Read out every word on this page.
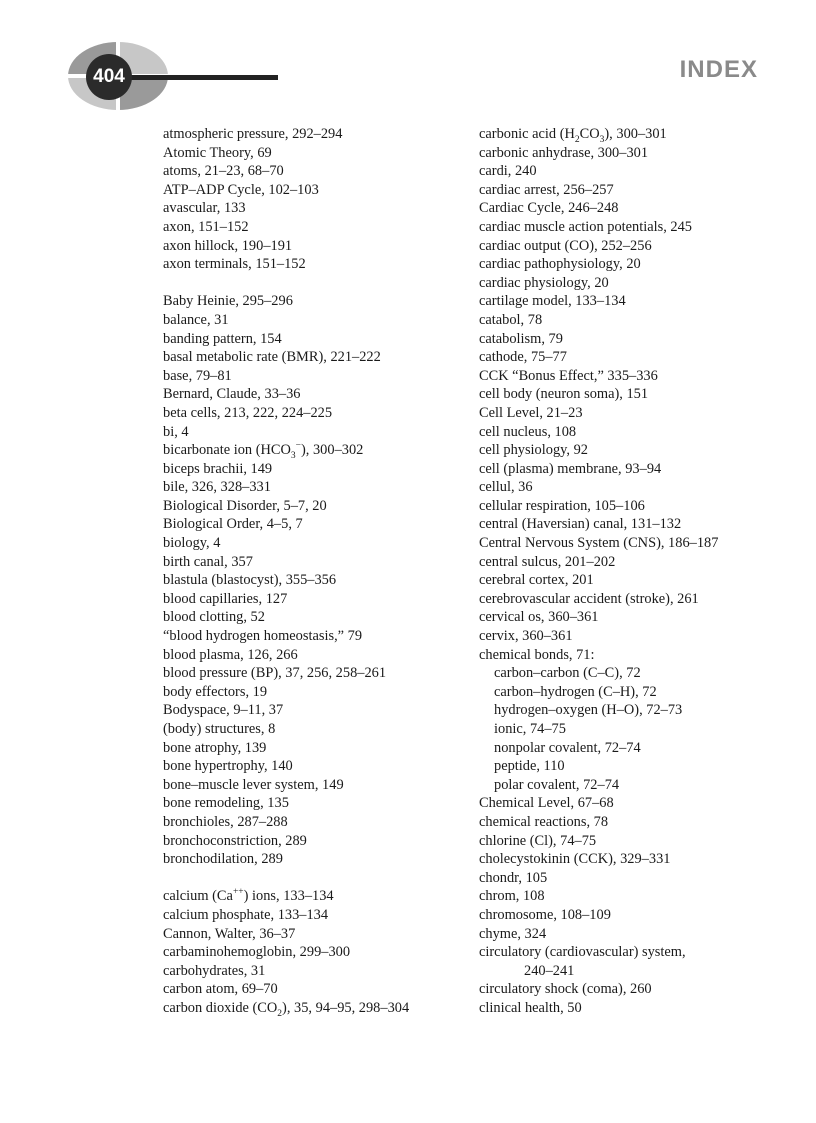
404	INDEX
atmospheric pressure, 292–294
Atomic Theory, 69
atoms, 21–23, 68–70
ATP–ADP Cycle, 102–103
avascular, 133
axon, 151–152
axon hillock, 190–191
axon terminals, 151–152
Baby Heinie, 295–296
balance, 31
banding pattern, 154
basal metabolic rate (BMR), 221–222
base, 79–81
Bernard, Claude, 33–36
beta cells, 213, 222, 224–225
bi, 4
bicarbonate ion $(HCO_3^-)$, 300–302
biceps brachii, 149
bile, 326, 328–331
Biological Disorder, 5–7, 20
Biological Order, 4–5, 7
biology, 4
birth canal, 357
blastula (blastocyst), 355–356
blood capillaries, 127
blood clotting, 52
“blood hydrogen homeostasis,” 79
blood plasma, 126, 266
blood pressure (BP), 37, 256, 258–261
body effectors, 19
Bodyspace, 9–11, 37
(body) structures, 8
bone atrophy, 139
bone hypertrophy, 140
bone–muscle lever system, 149
bone remodeling, 135
bronchioles, 287–288
bronchoconstriction, 289
bronchodilation, 289
calcium (Ca++) ions, 133–134
calcium phosphate, 133–134
Cannon, Walter, 36–37
carbaminohemoglobin, 299–300
carbohydrates, 31
carbon atom, 69–70
carbon dioxide $(CO_2)$, 35, 94–95, 298–304
carbonic acid $(H_2CO_3)$, 300–301
carbonic anhydrase, 300–301
cardi, 240
cardiac arrest, 256–257
Cardiac Cycle, 246–248
cardiac muscle action potentials, 245
cardiac output (CO), 252–256
cardiac pathophysiology, 20
cardiac physiology, 20
cartilage model, 133–134
catabol, 78
catabolism, 79
cathode, 75–77
CCK “Bonus Effect,” 335–336
cell body (neuron soma), 151
Cell Level, 21–23
cell nucleus, 108
cell physiology, 92
cell (plasma) membrane, 93–94
cellul, 36
cellular respiration, 105–106
central (Haversian) canal, 131–132
Central Nervous System (CNS), 186–187
central sulcus, 201–202
cerebral cortex, 201
cerebrovascular accident (stroke), 261
cervical os, 360–361
cervix, 360–361
chemical bonds, 71:
carbon–carbon (C–C), 72
carbon–hydrogen (C–H), 72
hydrogen–oxygen (H–O), 72–73
ionic, 74–75
nonpolar covalent, 72–74
peptide, 110
polar covalent, 72–74
Chemical Level, 67–68
chemical reactions, 78
chlorine (Cl), 74–75
cholecystokinin (CCK), 329–331
chondr, 105
chrom, 108
chromosome, 108–109
chyme, 324
circulatory (cardiovascular) system,
240–241
circulatory shock (coma), 260
clinical health, 50
